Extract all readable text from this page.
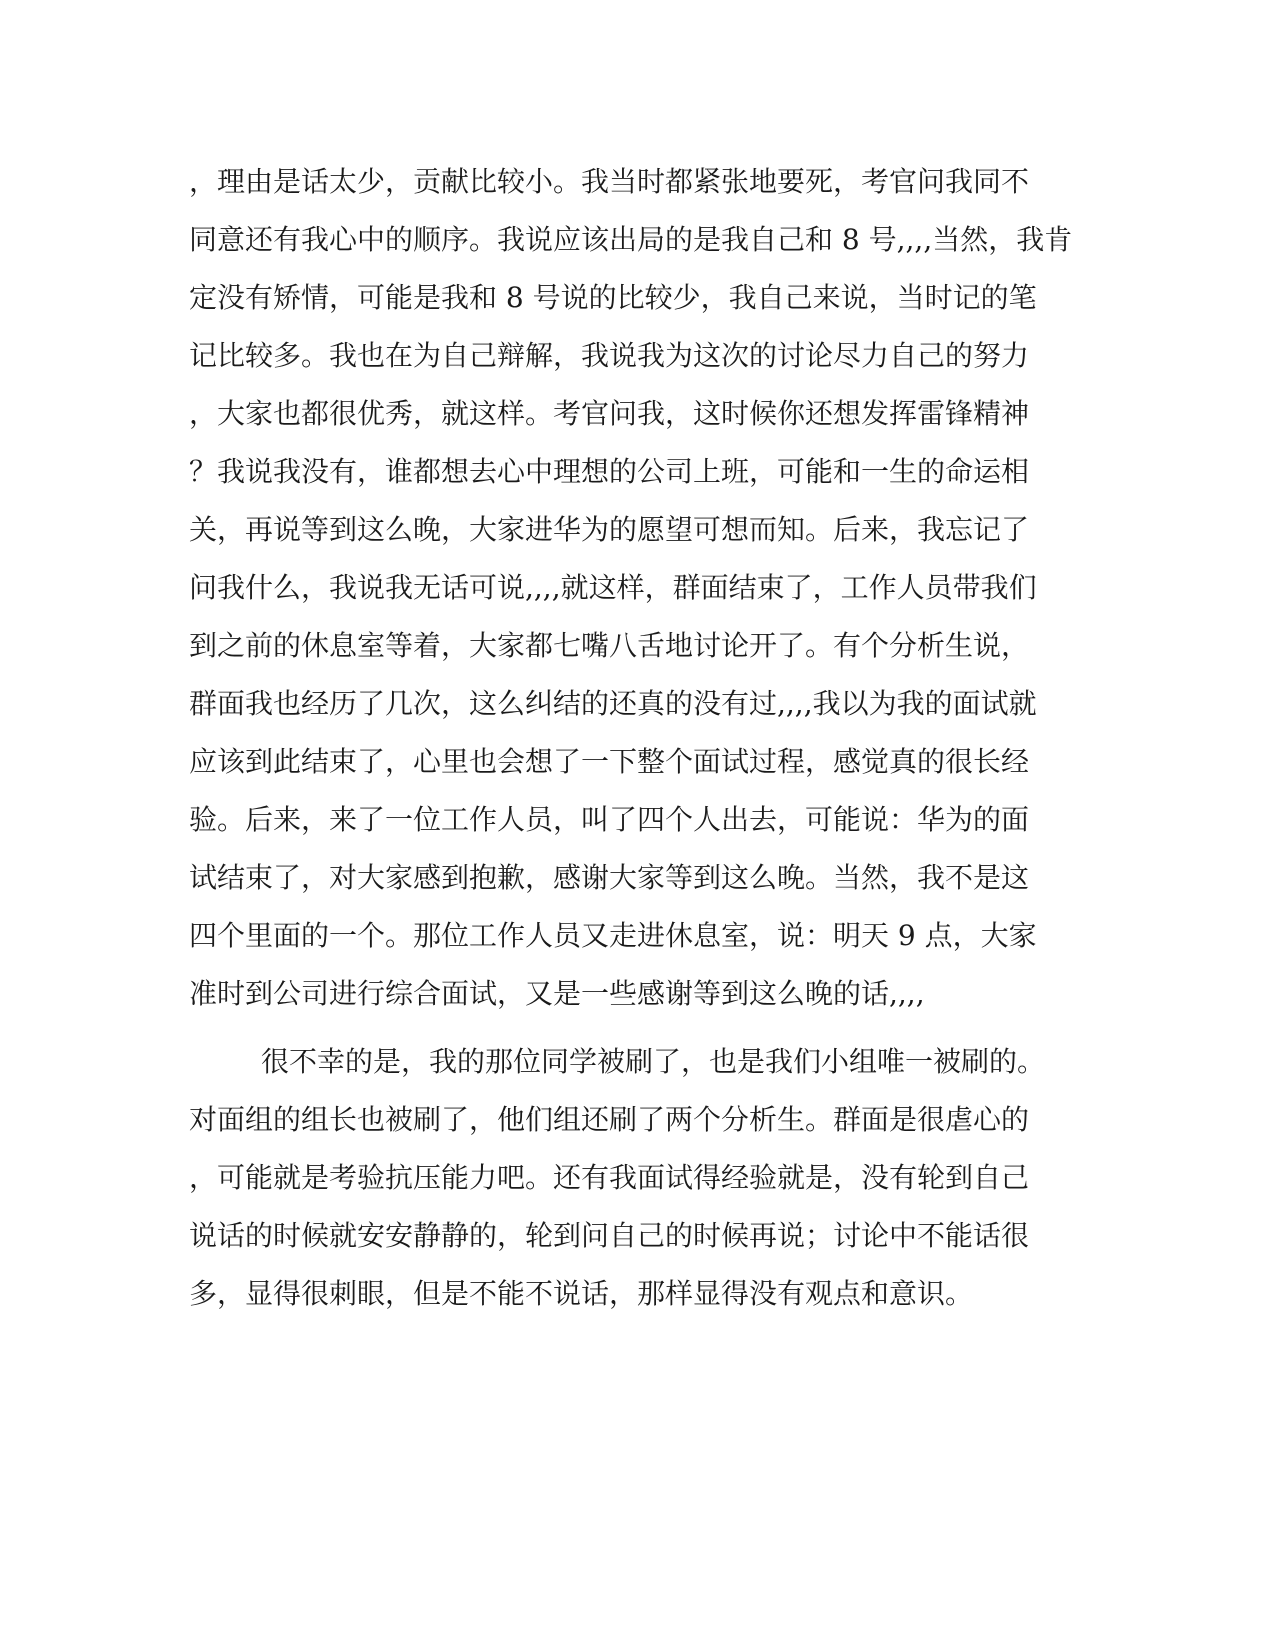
，理由是话太少，贡献比较小。我当时都紧张地要死，考官问我同不
同意还有我心中的顺序。我说应该出局的是我自己和 8 号,,,,当然，我肯
定没有矫情，可能是我和 8 号说的比较少，我自己来说，当时记的笔
记比较多。我也在为自己辩解，我说我为这次的讨论尽力自己的努力
，大家也都很优秀，就这样。考官问我，这时候你还想发挥雷锋精神
？我说我没有，谁都想去心中理想的公司上班，可能和一生的命运相
关，再说等到这么晚，大家进华为的愿望可想而知。后来，我忘记了
问我什么，我说我无话可说,,,,就这样，群面结束了，工作人员带我们
到之前的休息室等着，大家都七嘴八舌地讨论开了。有个分析生说，
群面我也经历了几次，这么纠结的还真的没有过,,,,我以为我的面试就
应该到此结束了，心里也会想了一下整个面试过程，感觉真的很长经
验。后来，来了一位工作人员，叫了四个人出去，可能说：华为的面
试结束了，对大家感到抱歉，感谢大家等到这么晚。当然，我不是这
四个里面的一个。那位工作人员又走进休息室，说：明天 9 点，大家
准时到公司进行综合面试，又是一些感谢等到这么晚的话,,,,
很不幸的是，我的那位同学被刷了，也是我们小组唯一被刷的。
对面组的组长也被刷了，他们组还刷了两个分析生。群面是很虐心的
，可能就是考验抗压能力吧。还有我面试得经验就是，没有轮到自己
说话的时候就安安静静的，轮到问自己的时候再说；讨论中不能话很
多，显得很刺眼，但是不能不说话，那样显得没有观点和意识。
